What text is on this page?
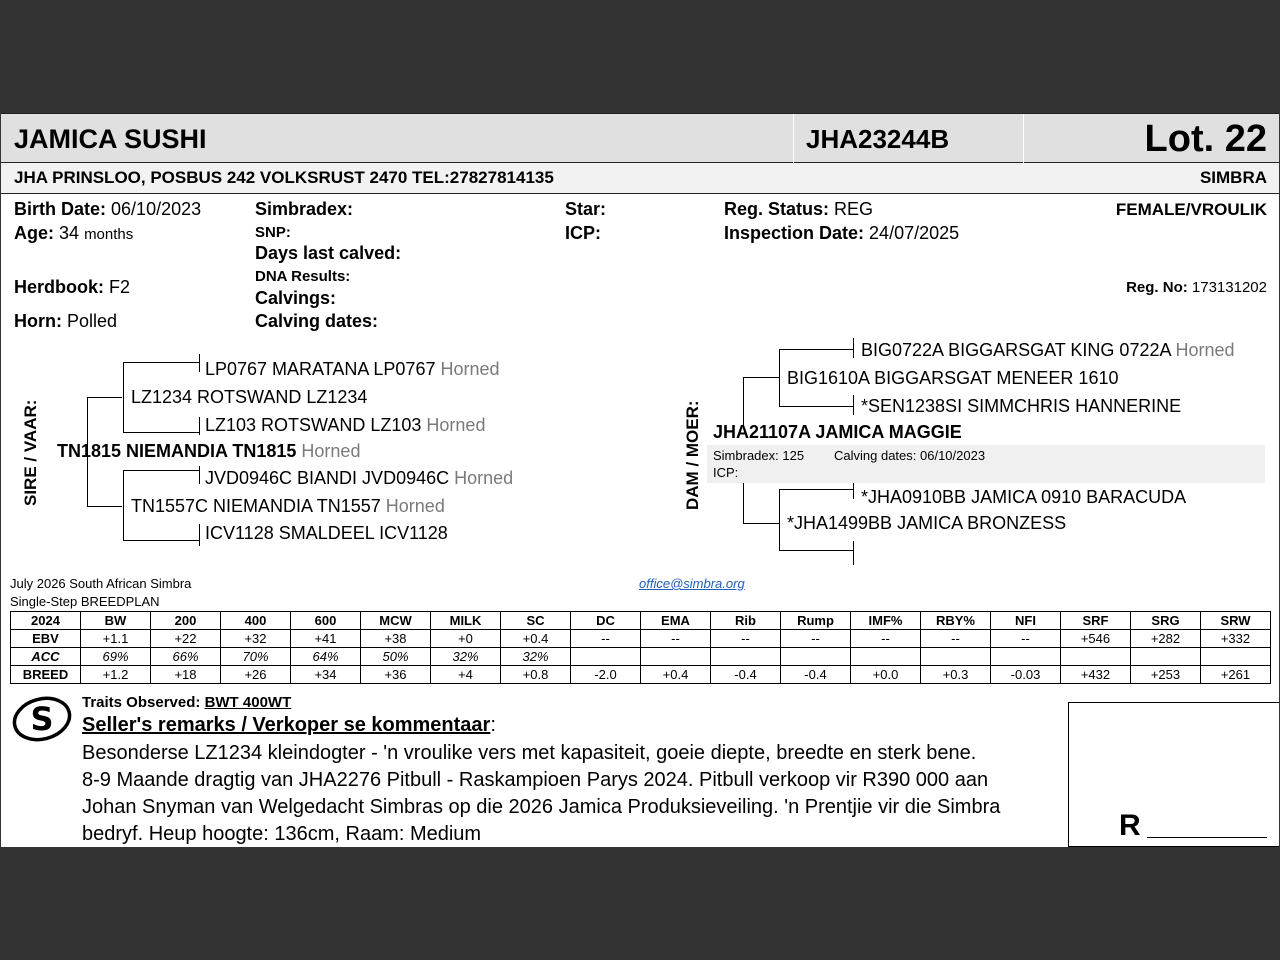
JAMICA SUSHI	JHA23244B	Lot. 22
JHA PRINSLOO, POSBUS 242 VOLKSRUST 2470 TEL:27827814135	SIMBRA
Birth Date: 06/10/2023
Age: 34 months
Herdbook: F2
Horn: Polled
Simbradex:
SNP:
Days last calved:
DNA Results:
Calvings:
Calving dates:
Star:
ICP:
Reg. Status: REG
Inspection Date: 24/07/2025
FEMALE/VROULIK
Reg. No: 173131202
SIRE / VAAR:
LP0767 MARATANA LP0767 Horned
LZ1234 ROTSWAND LZ1234
LZ103 ROTSWAND LZ103 Horned
TN1815 NIEMANDIA TN1815 Horned
JVD0946C BIANDI JVD0946C Horned
TN1557C NIEMANDIA TN1557 Horned
ICV1128 SMALDEEL ICV1128
DAM / MOER:
BIG0722A BIGGARSGAT KING 0722A Horned
BIG1610A BIGGARSGAT MENEER 1610
*SEN1238SI SIMMCHRIS HANNERINE
JHA21107A JAMICA MAGGIE
Simbradex: 125 Calving dates: 06/10/2023
ICP:
*JHA0910BB JAMICA 0910 BARACUDA
*JHA1499BB JAMICA BRONZESS
July 2026 South African Simbra
Single-Step BREEDPLAN
office@simbra.org
2024	BW	200	400	600	MCW	MILK	SC	DC	EMA	Rib	Rump	IMF%	RBY%	NFI	SRF	SRG	SRW
EBV	+1.1	+22	+32	+41	+38	+0	+0.4	--	--	--	--	--	--	--	+546	+282	+332
ACC	69%	66%	70%	64%	50%	32%	32%										
BREED	+1.2	+18	+26	+34	+36	+4	+0.8	-2.0	+0.4	-0.4	-0.4	+0.0	+0.3	-0.03	+432	+253	+261
S Traits Observed: BWT 400WT
Seller's remarks / Verkoper se kommentaar:
Besonderse LZ1234 kleindogter - 'n vroulike vers met kapasiteit, goeie diepte, breedte en sterk bene.
8-9 Maande dragtig van JHA2276 Pitbull - Raskampioen Parys 2024. Pitbull verkoop vir R390 000 aan
Johan Snyman van Welgedacht Simbras op die 2026 Jamica Produksieveiling. 'n Prentjie vir die Simbra
bedryf. Heup hoogte: 136cm, Raam: Medium	R
